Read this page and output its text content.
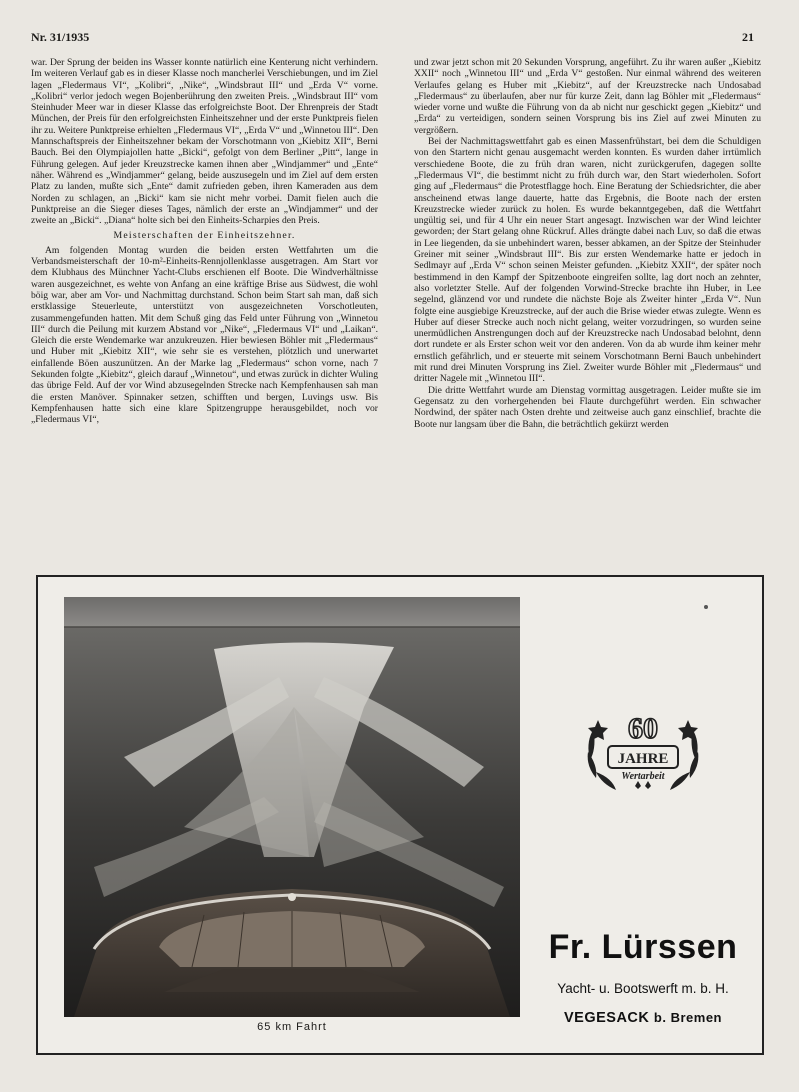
Nr. 31/1935	21

war. Der Sprung der beiden ins Wasser konnte natürlich eine Kenterung nicht verhindern. Im weiteren Verlauf gab es in dieser Klasse noch mancherlei Verschiebungen, und im Ziel lagen „Fledermaus VI“, „Kolibri“, „Nike“, „Windsbraut III“ und „Erda V“ vorne. „Kolibri“ verlor jedoch wegen Bojenberührung den zweiten Preis. „Windsbraut III“ vom Steinhuder Meer war in dieser Klasse das erfolgreichste Boot. Der Ehrenpreis der Stadt München, der Preis für den erfolgreichsten Einheitszehner und der erste Punktpreis fielen ihr zu. Weitere Punktpreise erhielten „Fledermaus VI“, „Erda V“ und „Winnetou III“. Den Mannschaftspreis der Einheitszehner bekam der Vorschotmann von „Kiebitz XII“, Berni Bauch. Bei den Olympiajollen hatte „Bicki“, gefolgt von dem Berliner „Pitt“, lange in Führung gelegen. Auf jeder Kreuzstrecke kamen ihnen aber „Windjammer“ und „Ente“ näher. Während es „Windjammer“ gelang, beide auszusegeln und im Ziel auf dem ersten Platz zu landen, mußte sich „Ente“ damit zufrieden geben, ihren Kameraden aus dem Norden zu schlagen, an „Bicki“ kam sie nicht mehr vorbei. Damit fielen auch die Punktpreise an die Sieger dieses Tages, nämlich der erste an „Windjammer“ und der zweite an „Bicki“. „Diana“ holte sich bei den Einheits-Scharpies den Preis.

Meisterschaften der Einheitszehner.

Am folgenden Montag wurden die beiden ersten Wettfahrten um die Verbandsmeisterschaft der 10-m²-Einheits-Rennjollenklasse ausgetragen. Am Start vor dem Klubhaus des Münchner Yacht-Clubs erschienen elf Boote. Die Windverhältnisse waren ausgezeichnet, es wehte von Anfang an eine kräftige Brise aus Südwest, die wohl böig war, aber am Vor- und Nachmittag durchstand. Schon beim Start sah man, daß sich erstklassige Steuerleute, unterstützt von ausgezeichneten Vorschotleuten, zusammengefunden hatten. Mit dem Schuß ging das Feld unter Führung von „Winnetou III“ durch die Peilung mit kurzem Abstand vor „Nike“, „Fledermaus VI“ und „Laikan“. Gleich die erste Wendemarke war anzukreuzen. Hier bewiesen Böhler mit „Fledermaus“ und Huber mit „Kiebitz XII“, wie sehr sie es verstehen, plötzlich und unerwartet einfallende Böen auszunützen. An der Marke lag „Fledermaus“ schon vorne, nach 7 Sekunden folgte „Kiebitz“, gleich darauf „Winnetou“, und etwas zurück in dichter Wuling das übrige Feld. Auf der vor Wind abzusegelnden Strecke nach Kempfenhausen sah man die ersten Manöver. Spinnaker setzen, schifften und bergen, Luvings usw. Bis Kempfenhausen hatte sich eine klare Spitzengruppe herausgebildet, noch vor „Fledermaus VI“,

und zwar jetzt schon mit 20 Sekunden Vorsprung, angeführt. Zu ihr waren außer „Kiebitz XXII“ noch „Winnetou III“ und „Erda V“ gestoßen. Nur einmal während des weiteren Verlaufes gelang es Huber mit „Kiebitz“, auf der Kreuzstrecke nach Undosabad „Fledermaus“ zu überlaufen, aber nur für kurze Zeit, dann lag Böhler mit „Fledermaus“ wieder vorne und wußte die Führung von da ab nicht nur geschickt gegen „Kiebitz“ und „Erda“ zu verteidigen, sondern seinen Vorsprung bis ins Ziel auf zwei Minuten zu vergrößern.

Bei der Nachmittagswettfahrt gab es einen Massenfrühstart, bei dem die Schuldigen von den Startern nicht genau ausgemacht werden konnten. Es wurden daher irrtümlich verschiedene Boote, die zu früh dran waren, nicht zurückgerufen, dagegen sollte „Fledermaus VI“, die bestimmt nicht zu früh durch war, den Start wiederholen. Sofort ging auf „Fledermaus“ die Protestflagge hoch. Eine Beratung der Schiedsrichter, die aber anscheinend etwas lange dauerte, hatte das Ergebnis, die Boote nach der ersten Kreuzstrecke wieder zurück zu holen. Es wurde bekanntgegeben, daß die Wettfahrt ungültig sei, und für 4 Uhr ein neuer Start angesagt. Inzwischen war der Wind leichter geworden; der Start gelang ohne Rückruf. Alles drängte dabei nach Luv, so daß die etwas in Lee liegenden, da sie unbehindert waren, besser abkamen, an der Spitze der Steinhuder Greiner mit seiner „Windsbraut III“. Bis zur ersten Wendemarke hatte er jedoch in Sedlmayr auf „Erda V“ schon seinen Meister gefunden. „Kiebitz XXII“, der später noch bestimmend in den Kampf der Spitzenboote eingreifen sollte, lag dort noch an zehnter, also vorletzter Stelle. Auf der folgenden Vorwind-Strecke brachte ihn Huber, in Lee segelnd, glänzend vor und rundete die nächste Boje als Zweiter hinter „Erda V“. Nun folgte eine ausgiebige Kreuzstrecke, auf der auch die Brise wieder etwas zulegte. Wenn es Huber auf dieser Strecke auch noch nicht gelang, weiter vorzudringen, so wurden seine unermüdlichen Anstrengungen doch auf der Kreuzstrecke nach Undosabad belohnt, denn dort rundete er als Erster schon weit vor den anderen. Von da ab wurde ihm keiner mehr ernstlich gefährlich, und er steuerte mit seinem Vorschotmann Berni Bauch unbehindert mit rund drei Minuten Vorsprung ins Ziel. Zweiter wurde Böhler mit „Fledermaus“ und dritter Nagele mit „Winnetou III“.

Die dritte Wettfahrt wurde am Dienstag vormittag ausgetragen. Leider mußte sie im Gegensatz zu den vorhergehenden bei Flaute durchgeführt werden. Ein schwacher Nordwind, der später nach Osten drehte und zeitweise auch ganz einschlief, brachte die Boote nur langsam über die Bahn, die beträchtlich gekürzt werden

65 km Fahrt
60
JAHRE
Wertarbeit
Fr. Lürssen
Yacht- u. Bootswerft m. b. H.
VEGESACK b. Bremen
